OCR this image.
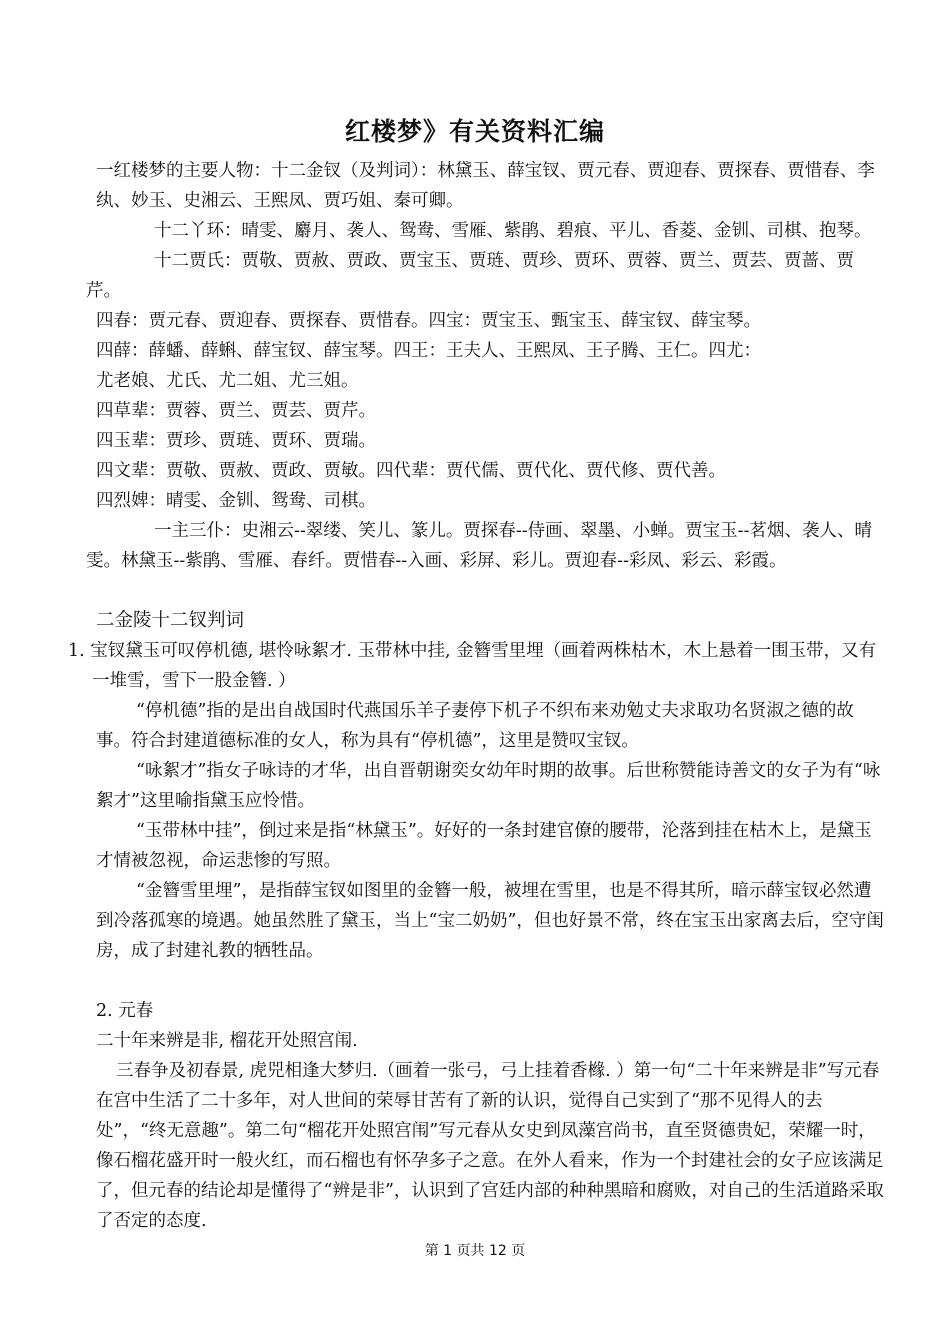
红楼梦》有关资料汇编

一红楼梦的主要人物：十二金钗（及判词）：林黛玉、薛宝钗、贾元春、贾迎春、贾探春、贾惜春、李纨、妙玉、史湘云、王熙凤、贾巧姐、秦可卿。

十二丫环：晴雯、麝月、袭人、鸳鸯、雪雁、紫鹃、碧痕、平儿、香菱、金钏、司棋、抱琴。

十二贾氏：贾敬、贾赦、贾政、贾宝玉、贾琏、贾珍、贾环、贾蓉、贾兰、贾芸、贾蔷、贾芹。

四春：贾元春、贾迎春、贾探春、贾惜春。四宝：贾宝玉、甄宝玉、薛宝钗、薛宝琴。

四薛：薛蟠、薛蝌、薛宝钗、薛宝琴。四王：王夫人、王熙凤、王子腾、王仁。四尤：

尤老娘、尤氏、尤二姐、尤三姐。

四草辈：贾蓉、贾兰、贾芸、贾芹。

四玉辈：贾珍、贾琏、贾环、贾瑞。

四文辈：贾敬、贾赦、贾政、贾敏。四代辈：贾代儒、贾代化、贾代修、贾代善。

四烈婢：晴雯、金钏、鸳鸯、司棋。

一主三仆：史湘云--翠缕、笑儿、篆儿。贾探春--侍画、翠墨、小蝉。贾宝玉--茗烟、袭人、晴雯。林黛玉--紫鹃、雪雁、春纤。贾惜春--入画、彩屏、彩儿。贾迎春--彩凤、彩云、彩霞。

二金陵十二钗判词

1. 宝钗黛玉可叹停机德, 堪怜咏絮才. 玉带林中挂, 金簪雪里埋（画着两株枯木，木上悬着一围玉带，又有一堆雪，雪下一股金簪. ）

“停机德”指的是出自战国时代燕国乐羊子妻停下机子不织布来劝勉丈夫求取功名贤淑之德的故事。符合封建道德标准的女人，称为具有“停机德”，这里是赞叹宝钗。

“咏絮才”指女子咏诗的才华，出自晋朝谢奕女幼年时期的故事。后世称赞能诗善文的女子为有“咏絮才”这里喻指黛玉应怜惜。

“玉带林中挂”，倒过来是指“林黛玉”。好好的一条封建官僚的腰带，沦落到挂在枯木上，是黛玉才情被忽视，命运悲惨的写照。

“金簪雪里埋”，是指薛宝钗如图里的金簪一般，被埋在雪里，也是不得其所，暗示薛宝钗必然遭到冷落孤寒的境遇。她虽然胜了黛玉，当上“宝二奶奶”，但也好景不常，终在宝玉出家离去后，空守闺房，成了封建礼教的牺牲品。

2. 元春

二十年来辨是非, 榴花开处照宫闱.

三春争及初春景, 虎兕相逢大梦归.（画着一张弓，弓上挂着香橼. ）第一句“二十年来辨是非”写元春在宫中生活了二十多年，对人世间的荣辱甘苦有了新的认识，觉得自己实到了“那不见得人的去处”，“终无意趣”。第二句“榴花开处照宫闱”写元春从女史到凤藻宫尚书，直至贤德贵妃，荣耀一时，像石榴花盛开时一般火红，而石榴也有怀孕多子之意。在外人看来，作为一个封建社会的女子应该满足了，但元春的结论却是懂得了“辨是非”，认识到了宫廷内部的种种黑暗和腐败，对自己的生活道路采取了否定的态度.

第 1 页共 12 页
